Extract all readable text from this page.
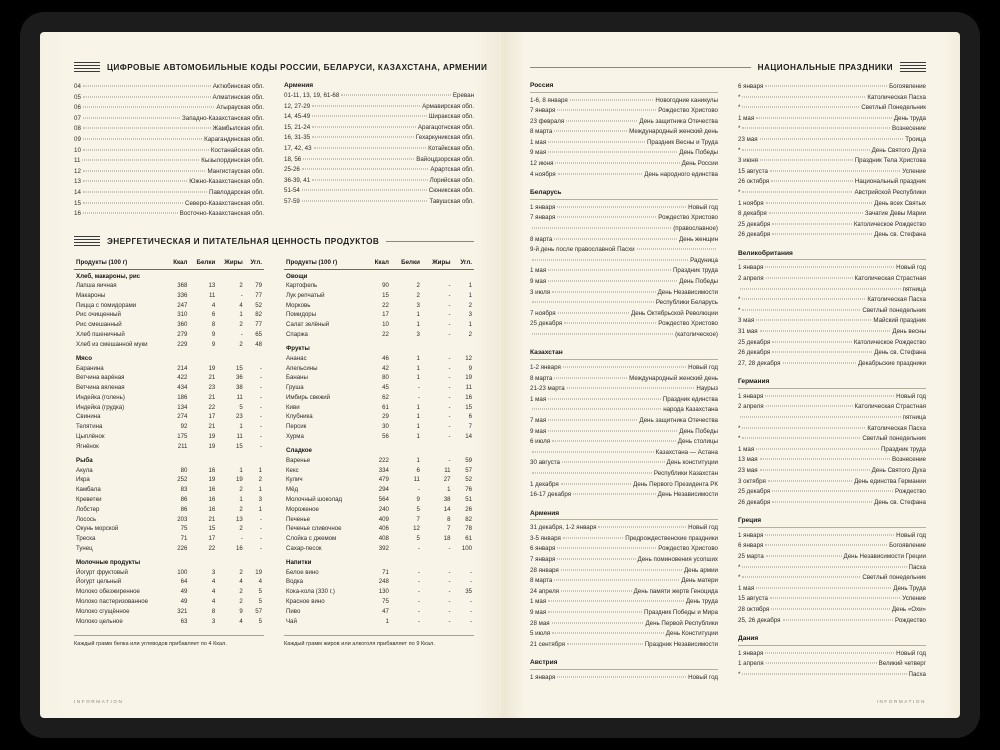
ЦИФРОВЫЕ АВТОМОБИЛЬНЫЕ КОДЫ РОССИИ, БЕЛАРУСИ, КАЗАХСТАНА, АРМЕНИИ
04	Актюбинская обл.
05	Алматинская обл.
06	Атырауская обл.
07	Западно-Казахстанская обл.
08	Жамбылская обл.
09	Карагандинская обл.
10	Костанайская обл.
11	Кызылординская обл.
12	Мангистауская обл.
13	Южно-Казахстанская обл.
14	Павлодарская обл.
15	Северо-Казахстанская обл.
16	Восточно-Казахстанская обл.
Армения
01-11, 13, 19, 61-68	Ереван
12, 27-29	Армавирская обл.
14, 45-49	Ширакская обл.
15, 21-24	Арагацотнская обл.
16, 31-35	Гехаркуникская обл.
17, 42, 43	Котайкская обл.
18, 56	Вайоцдзорская обл.
25-26	Арартская обл.
36-39, 41	Лорийская обл.
51-54	Сюникская обл.
57-59	Тавушская обл.
ЭНЕРГЕТИЧЕСКАЯ И ПИТАТЕЛЬНАЯ ЦЕННОСТЬ ПРОДУКТОВ
Продукты (100 г)	Ккал	Белки	Жиры	Угл.
Хлеб, макароны, рис				
Лапша яичная	368	13	2	79
Макароны	336	11	-	77
Пицца с помидорами	247	4	4	52
Рис очищенный	310	6	1	82
Рис смешанный	360	8	2	77
Хлеб пшеничный	279	9	-	65
Хлеб из смешанной муки	229	9	2	48
Мясо				
Баранина	214	19	15	-
Ветчина варёная	422	21	36	-
Ветчина вяленая	434	23	38	-
Индейка (голень)	186	21	11	-
Индейка (грудка)	134	22	5	-
Свинина	274	17	23	-
Телятина	92	21	1	-
Цыплёнок	175	19	11	-
Ягнёнок	211	19	15	-
Рыба				
Акула	80	16	1	1
Икра	252	19	19	2
Камбала	83	16	2	1
Креветки	86	16	1	3
Лобстер	86	16	2	1
Лосось	203	21	13	-
Окунь морской	75	15	2	-
Треска	71	17	-	-
Тунец	226	22	16	-
Молочные продукты				
Йогурт фруктовый	100	3	2	19
Йогурт цельный	64	4	4	4
Молоко обезжиренное	49	4	2	5
Молоко пастеризованное	49	4	2	5
Молоко сгущённое	321	8	9	57
Молоко цельное	63	3	4	5
Каждый грамм белка или углеводов прибавляет по 4 Ккал.
Продукты (100 г)	Ккал	Белки	Жиры	Угл.
Овощи				
Картофель	90	2	-	1
Лук репчатый	15	2	-	1
Морковь	22	3	-	2
Помидоры	17	1	-	3
Салат зелёный	10	1	-	1
Спаржа	22	3	-	2
Фрукты				
Ананас	46	1	-	12
Апельсины	42	1	-	9
Бананы	80	1	-	19
Груша	45	-	-	11
Имбирь свежий	62	-	-	16
Киви	61	1	-	15
Клубника	29	1	-	6
Персик	30	1	-	7
Хурма	56	1	-	14
Сладкое				
Варенье	222	1	-	59
Кекс	334	6	11	57
Кулич	479	11	27	52
Мёд	294	-	1	76
Молочный шоколад	564	9	38	51
Мороженое	240	5	14	26
Печенье	409	7	8	82
Печенье сливочное	406	12	7	78
Слойка с джемом	408	5	18	61
Сахар-песок	392	-	-	100
Напитки				
Белое вино	71	-	-	-
Водка	248	-	-	-
Кока-кола (330 г.)	130	-	-	35
Красное вино	75	-	-	-
Пиво	47	-	-	-
Чай	1	-	-	-
Каждый грамм жиров или алкоголя прибавляет по 9 Ккал.
INFORMATION
НАЦИОНАЛЬНЫЕ ПРАЗДНИКИ
Россия
1-6, 8 января	Новогодние каникулы
7 января	Рождество Христово
23 февраля	День защитника Отечества
8 марта	Международный женский день
1 мая	Праздник Весны и Труда
9 мая	День Победы
12 июня	День России
4 ноября	День народного единства
Беларусь
1 января	Новый год
7 января	Рождество Христово
(православное)
8 марта	День женщин
9-й день после православной Пасхи
Радуница
1 мая	Праздник труда
9 мая	День Победы
3 июля	День Независимости
Республики Беларусь
7 ноября	День Октябрьской Революции
25 декабря	Рождество Христово
(католическое)
Казахстан
1-2 января	Новый год
8 марта	Международный женский день
21-23 марта	Наурыз
1 мая	Праздник единства
народа Казахстана
7 мая	День защитника Отечества
9 мая	День Победы
6 июля	День столицы
Казахстана — Астана
30 августа	День конституции
Республики Казахстан
1 декабря	День Первого Президента РК
16-17 декабря	День Независимости
Армения
31 декабря, 1-2 января	Новый год
3-5 января	Предрождественские праздники
6 января	Рождество Христово
7 января	День поминовения усопших
28 января	День армии
8 марта	День матери
24 апреля	День памяти жертв Геноцида
1 мая	День труда
9 мая	Праздник Победы и Мира
28 мая	День Первой Республики
5 июля	День Конституции
21 сентября	Праздник Независимости
Австрия
1 января	Новый год
6 января	Богоявление
*	Католическая Пасха
*	Светлый Понедельник
1 мая	День труда
*	Вознесение
23 мая	Троица
*	День Святого Духа
3 июня	Праздник Тела Христова
15 августа	Успение
26 октября	Национальный праздник
*	Австрийской Республики
1 ноября	День всех Святых
8 декабря	Зачатие Девы Марии
25 декабря	Католическое Рождество
26 декабря	День св. Стефана
Великобритания
1 января	Новый год
2 апреля	Католическая Страстная
пятница
*	Католическая Пасха
*	Светлый понедельник
3 мая	Майский праздник
31 мая	День весны
25 декабря	Католическое Рождество
26 декабря	День св. Стефана
27, 28 декабря	Декабрьские праздники
Германия
1 января	Новый год
2 апреля	Католическая Страстная
пятница
*	Католическая Пасха
*	Светлый понедельник
1 мая	Праздник труда
13 мая	Вознесение
23 мая	День Святого Духа
3 октября	День единства Германии
25 декабря	Рождество
26 декабря	День св. Стефана
Греция
1 января	Новый год
6 января	Богоявление
25 марта	День Независимости Греции
*	Пасха
*	Светлый понедельник
1 мая	День Труда
15 августа	Успение
28 октября	День «Охи»
25, 26 декабря	Рождество
Дания
1 января	Новый год
1 апреля	Великий четверг
*	Пасха
INFORMATION
